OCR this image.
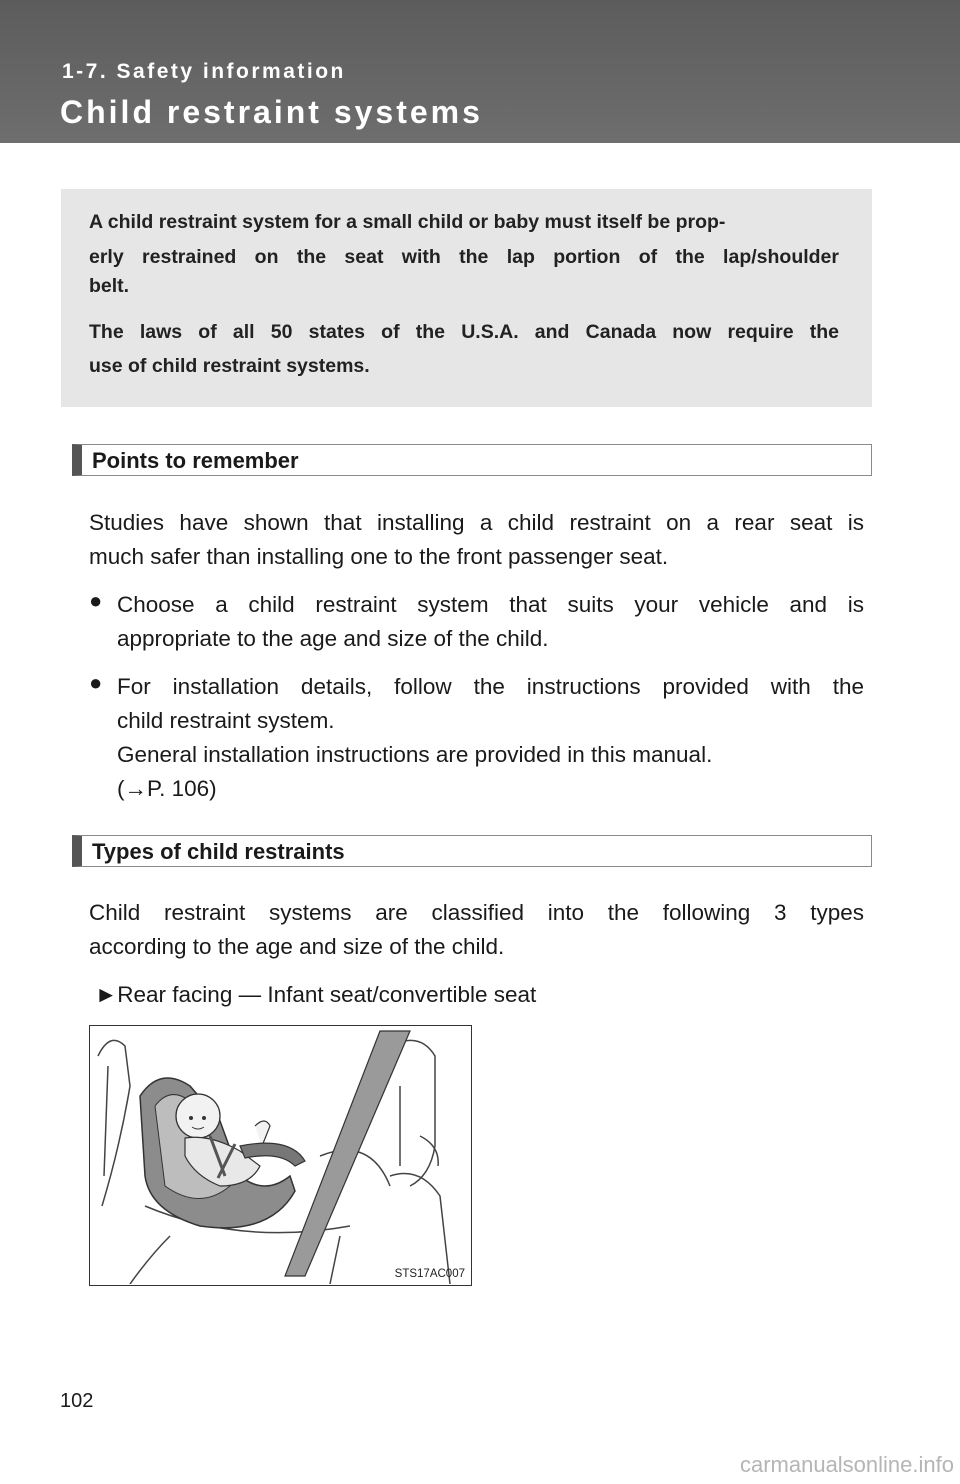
1-7. Safety information
Child restraint systems

A child restraint system for a small child or baby must itself be prop-

erly restrained on the seat with the lap portion of the lap/shoulder

belt.

The laws of all 50 states of the U.S.A. and Canada now require the

use of child restraint systems.

Points to remember

Studies have shown that installing a child restraint on a rear seat is

much safer than installing one to the front passenger seat.

● Choose a child restraint system that suits your vehicle and is

appropriate to the age and size of the child.

● For installation details, follow the instructions provided with the

child restraint system.

General installation instructions are provided in this manual.

(→P. 106)

Types of child restraints

Child restraint systems are classified into the following 3 types

according to the age and size of the child.

►Rear facing — Infant seat/convertible seat

STS17AC007
102
carmanualsonline.info
